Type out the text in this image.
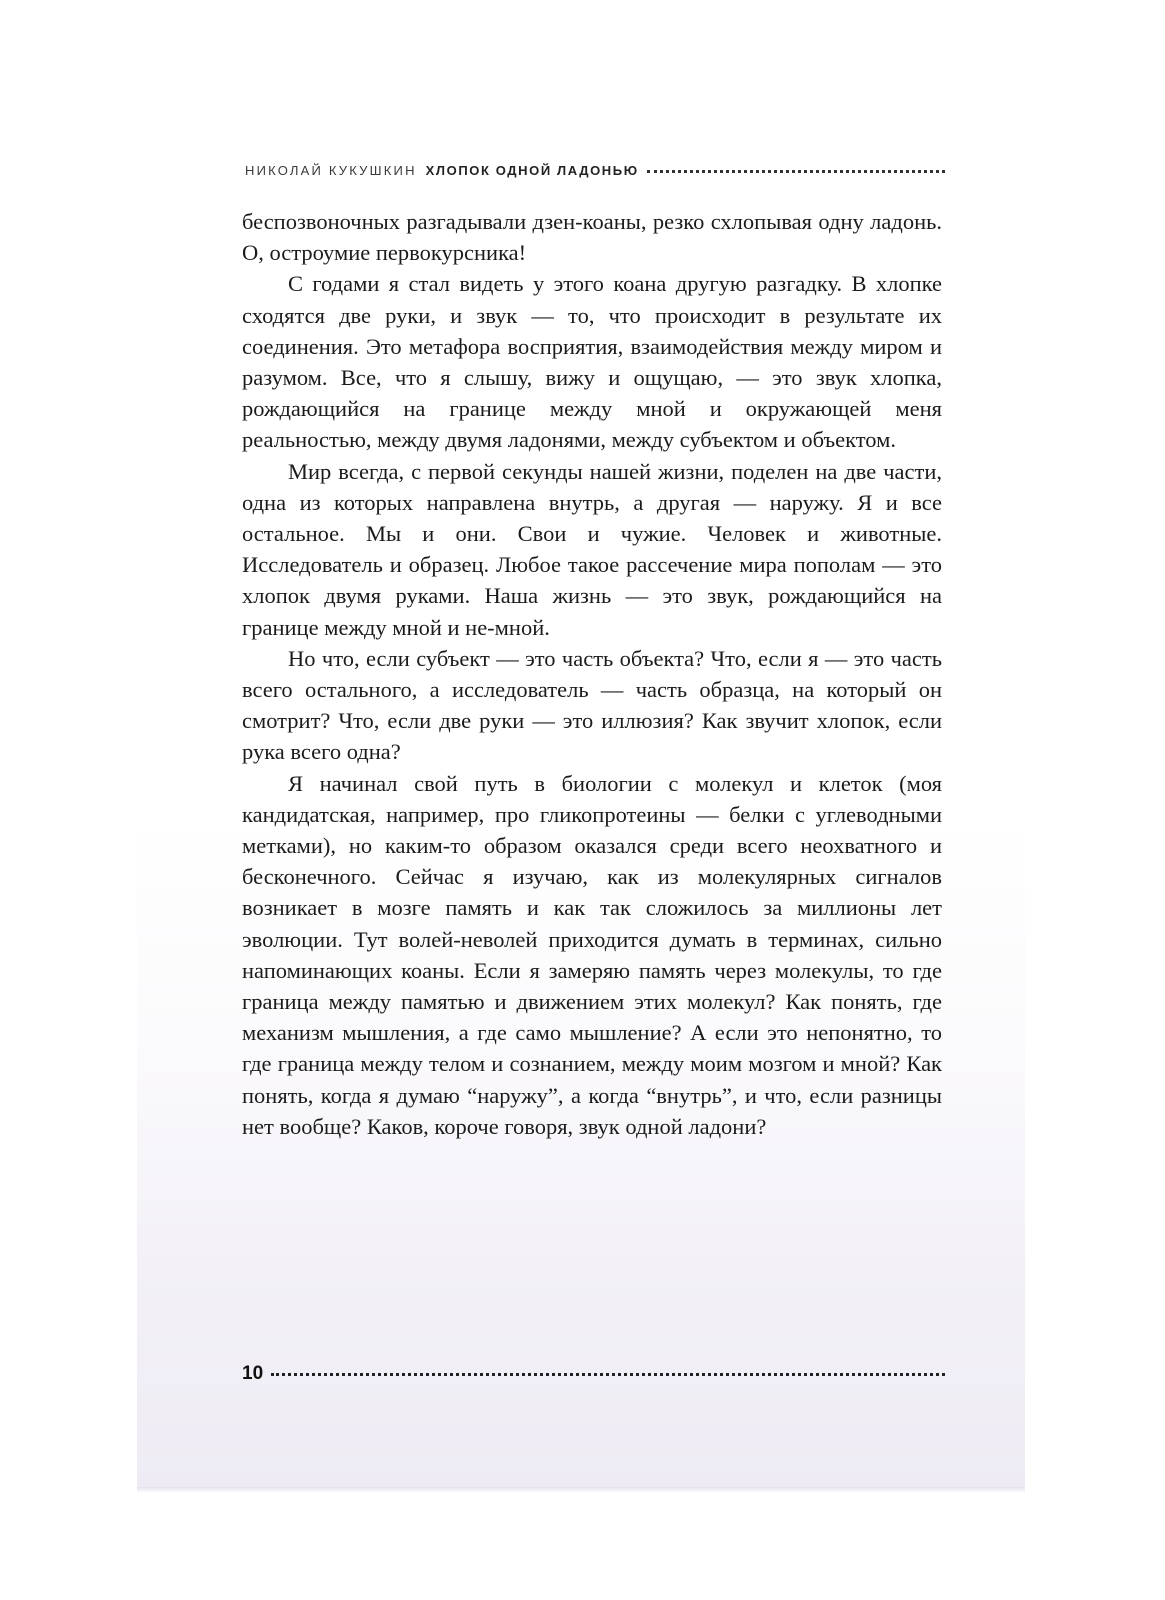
НИКОЛАЙ КУКУШКИН ХЛОПОК ОДНОЙ ЛАДОНЬЮ

беспозвоночных разгадывали дзен-коаны, резко схлопывая одну ладонь. О, остроумие первокурсника!

С годами я стал видеть у этого коана другую разгадку. В хлопке сходятся две руки, и звук — то, что происходит в результате их соединения. Это метафора восприятия, взаимодействия между миром и разумом. Все, что я слышу, вижу и ощущаю, — это звук хлопка, рождающийся на границе между мной и окружающей меня реальностью, между двумя ладонями, между субъектом и объектом.

Мир всегда, с первой секунды нашей жизни, поделен на две части, одна из которых направлена внутрь, а другая — наружу. Я и все остальное. Мы и они. Свои и чужие. Человек и животные. Исследователь и образец. Любое такое рассечение мира пополам — это хлопок двумя руками. Наша жизнь — это звук, рождающийся на границе между мной и не-мной.

Но что, если субъект — это часть объекта? Что, если я — это часть всего остального, а исследователь — часть образца, на который он смотрит? Что, если две руки — это иллюзия? Как звучит хлопок, если рука всего одна?

Я начинал свой путь в биологии с молекул и клеток (моя кандидатская, например, про гликопротеины — белки с углеводными метками), но каким-то образом оказался среди всего неохватного и бесконечного. Сейчас я изучаю, как из молекулярных сигналов возникает в мозге память и как так сложилось за миллионы лет эволюции. Тут волей-неволей приходится думать в терминах, сильно напоминающих коаны. Если я замеряю память через молекулы, то где граница между памятью и движением этих молекул? Как понять, где механизм мышления, а где само мышление? А если это непонятно, то где граница между телом и сознанием, между моим мозгом и мной? Как понять, когда я думаю “наружу”, а когда “внутрь”, и что, если разницы нет вообще? Каков, короче говоря, звук одной ладони?

10
